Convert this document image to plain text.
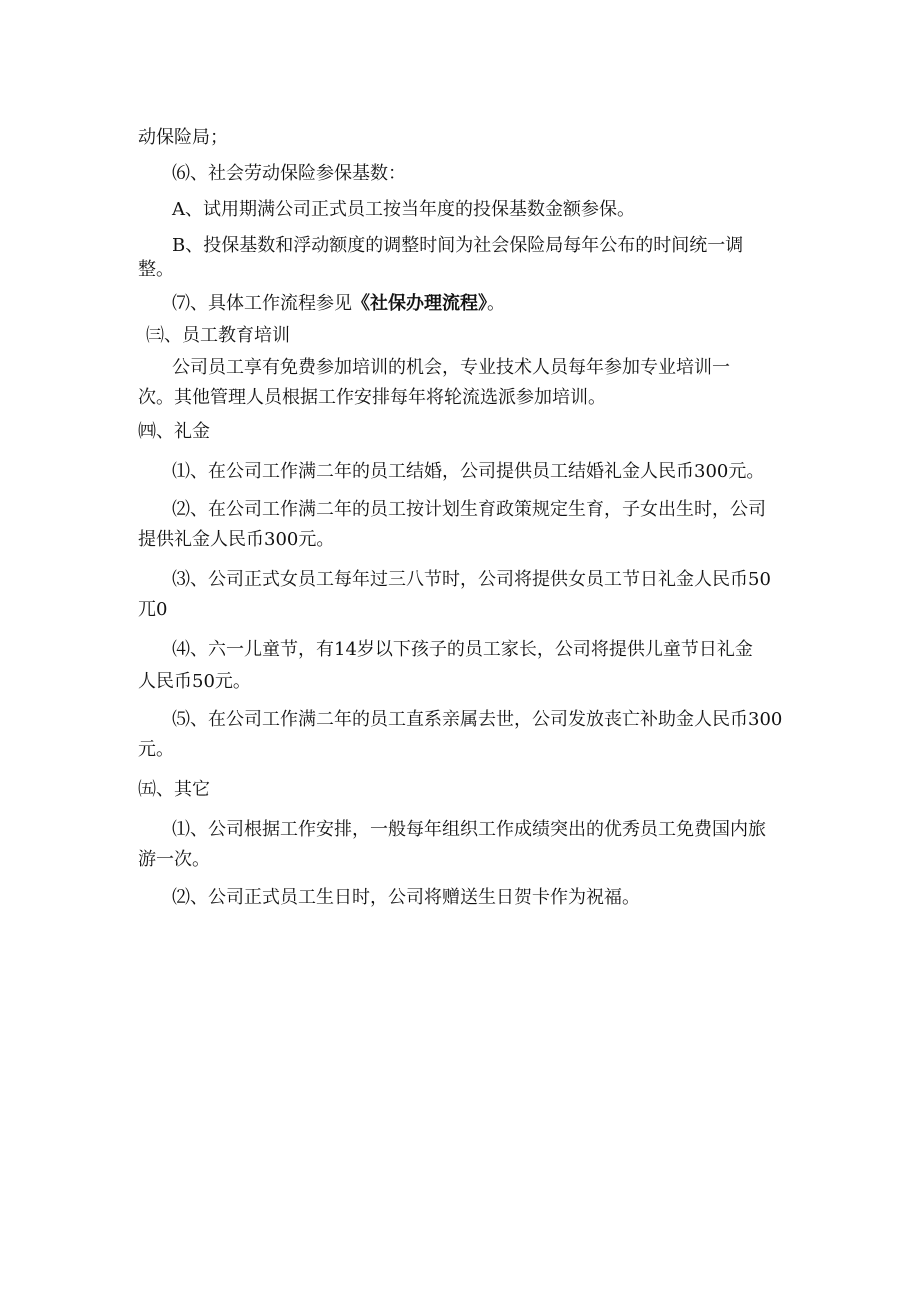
动保险局；
⑹、社会劳动保险参保基数：
A、试用期满公司正式员工按当年度的投保基数金额参保。
B、投保基数和浮动额度的调整时间为社会保险局每年公布的时间统一调
整。
⑺、具体工作流程参见《社保办理流程》。
㈢、员工教育培训
公司员工享有免费参加培训的机会，专业技术人员每年参加专业培训一
次。其他管理人员根据工作安排每年将轮流选派参加培训。
㈣、礼金
⑴、在公司工作满二年的员工结婚，公司提供员工结婚礼金人民币300元。
⑵、在公司工作满二年的员工按计划生育政策规定生育，子女出生时，公司
提供礼金人民币300元。
⑶、公司正式女员工每年过三八节时，公司将提供女员工节日礼金人民币50
兀0
⑷、六一儿童节，有14岁以下孩子的员工家长，公司将提供儿童节日礼金
人民币50元。
⑸、在公司工作满二年的员工直系亲属去世，公司发放丧亡补助金人民币300
元。
㈤、其它
⑴、公司根据工作安排，一般每年组织工作成绩突出的优秀员工免费国内旅
游一次。
⑵、公司正式员工生日时，公司将赠送生日贺卡作为祝福。
